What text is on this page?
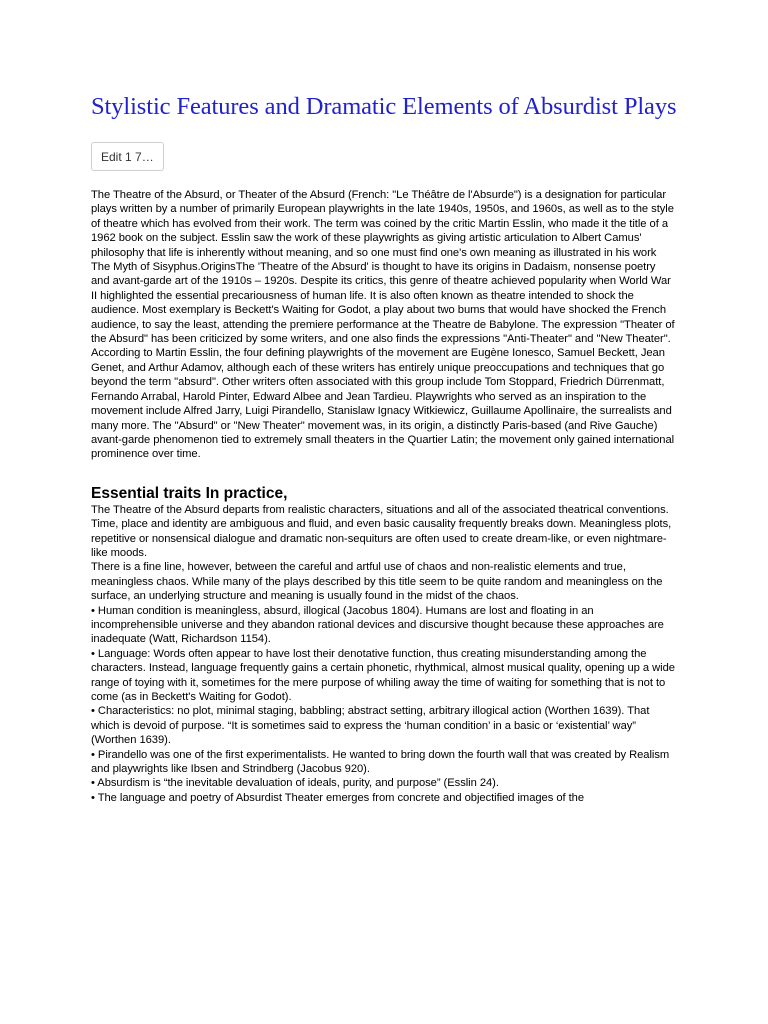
Stylistic Features and Dramatic Elements of Absurdist Plays
Edit 1 7…

The Theatre of the Absurd, or Theater of the Absurd (French: "Le Théâtre de l'Absurde") is a designation for particular plays written by a number of primarily European playwrights in the late 1940s, 1950s, and 1960s, as well as to the style of theatre which has evolved from their work. The term was coined by the critic Martin Esslin, who made it the title of a 1962 book on the subject. Esslin saw the work of these playwrights as giving artistic articulation to Albert Camus' philosophy that life is inherently without meaning, and so one must find one's own meaning as illustrated in his work The Myth of Sisyphus.OriginsThe 'Theatre of the Absurd' is thought to have its origins in Dadaism, nonsense poetry and avant-garde art of the 1910s – 1920s. Despite its critics, this genre of theatre achieved popularity when World War II highlighted the essential precariousness of human life. It is also often known as theatre intended to shock the audience. Most exemplary is Beckett's Waiting for Godot, a play about two bums that would have shocked the French audience, to say the least, attending the premiere performance at the Theatre de Babylone. The expression "Theater of the Absurd" has been criticized by some writers, and one also finds the expressions "Anti-Theater" and "New Theater". According to Martin Esslin, the four defining playwrights of the movement are Eugène Ionesco, Samuel Beckett, Jean Genet, and Arthur Adamov, although each of these writers has entirely unique preoccupations and techniques that go beyond the term "absurd". Other writers often associated with this group include Tom Stoppard, Friedrich Dürrenmatt, Fernando Arrabal, Harold Pinter, Edward Albee and Jean Tardieu. Playwrights who served as an inspiration to the movement include Alfred Jarry, Luigi Pirandello, Stanislaw Ignacy Witkiewicz, Guillaume Apollinaire, the surrealists and many more. The "Absurd" or "New Theater" movement was, in its origin, a distinctly Paris-based (and Rive Gauche) avant-garde phenomenon tied to extremely small theaters in the Quartier Latin; the movement only gained international prominence over time.

Essential traits In practice,

The Theatre of the Absurd departs from realistic characters, situations and all of the associated theatrical conventions.

Time, place and identity are ambiguous and fluid, and even basic causality frequently breaks down. Meaningless plots, repetitive or nonsensical dialogue and dramatic non-sequiturs are often used to create dream-like, or even nightmare-like moods.

There is a fine line, however, between the careful and artful use of chaos and non-realistic elements and true, meaningless chaos. While many of the plays described by this title seem to be quite random and meaningless on the surface, an underlying structure and meaning is usually found in the midst of the chaos.

• Human condition is meaningless, absurd, illogical (Jacobus 1804). Humans are lost and floating in an incomprehensible universe and they abandon rational devices and discursive thought because these approaches are inadequate (Watt, Richardson 1154).

• Language: Words often appear to have lost their denotative function, thus creating misunderstanding among the characters. Instead, language frequently gains a certain phonetic, rhythmical, almost musical quality, opening up a wide range of toying with it, sometimes for the mere purpose of whiling away the time of waiting for something that is not to come (as in Beckett's Waiting for Godot).

• Characteristics: no plot, minimal staging, babbling; abstract setting, arbitrary illogical action (Worthen 1639). That which is devoid of purpose. “It is sometimes said to express the ‘human condition’ in a basic or ‘existential’ way” (Worthen 1639).

• Pirandello was one of the first experimentalists. He wanted to bring down the fourth wall that was created by Realism and playwrights like Ibsen and Strindberg (Jacobus 920).

• Absurdism is “the inevitable devaluation of ideals, purity, and purpose” (Esslin 24).

• The language and poetry of Absurdist Theater emerges from concrete and objectified images of the
